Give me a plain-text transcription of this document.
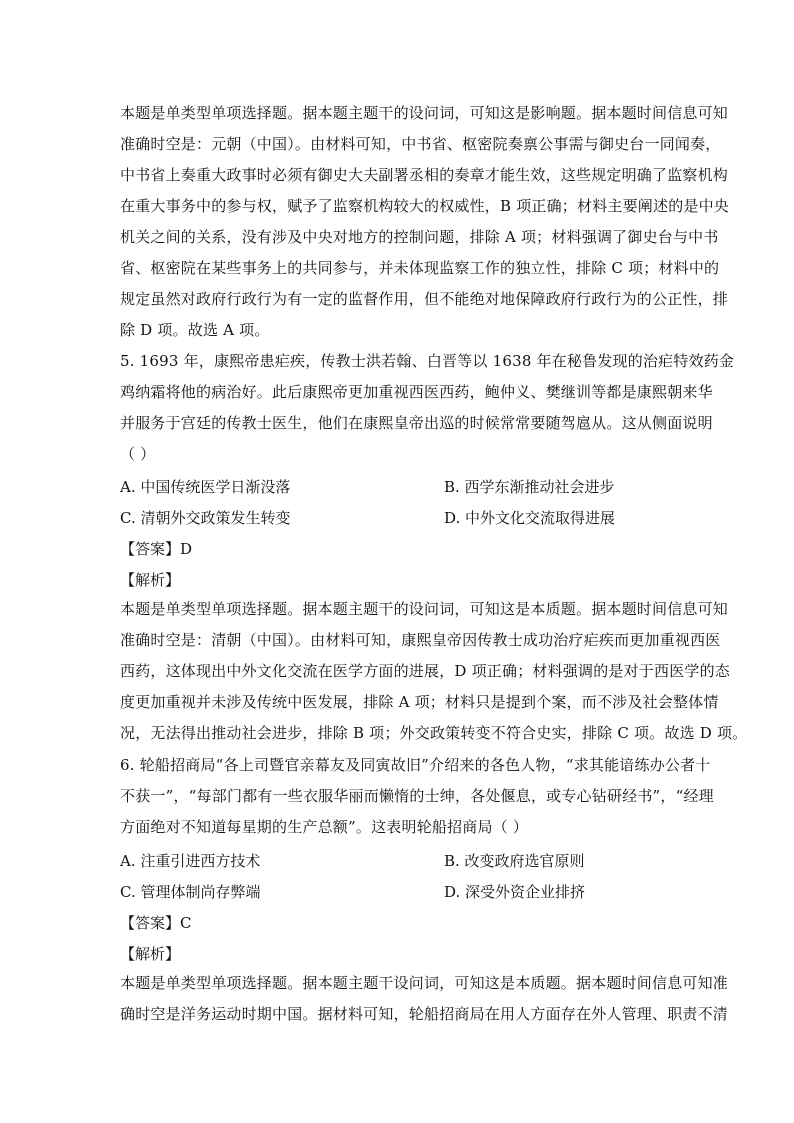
本题是单类型单项选择题。据本题主题干的设问词，可知这是影响题。据本题时间信息可知
准确时空是：元朝（中国）。由材料可知，中书省、枢密院奏禀公事需与御史台一同闻奏，
中书省上奏重大政事时必须有御史大夫副署丞相的奏章才能生效，这些规定明确了监察机构
在重大事务中的参与权，赋予了监察机构较大的权威性，B 项正确；材料主要阐述的是中央
机关之间的关系，没有涉及中央对地方的控制问题，排除 A 项；材料强调了御史台与中书
省、枢密院在某些事务上的共同参与，并未体现监察工作的独立性，排除 C 项；材料中的
规定虽然对政府行政行为有一定的监督作用，但不能绝对地保障政府行政行为的公正性，排
除 D 项。故选 A 项。
5. 1693 年，康熙帝患疟疾，传教士洪若翰、白晋等以 1638 年在秘鲁发现的治疟特效药金
鸡纳霜将他的病治好。此后康熙帝更加重视西医西药，鲍仲义、樊继训等都是康熙朝来华
并服务于宫廷的传教士医生，他们在康熙皇帝出巡的时候常常要随驾扈从。这从侧面说明
（ ）
A. 中国传统医学日渐没落	B. 西学东渐推动社会进步
C. 清朝外交政策发生转变	D. 中外文化交流取得进展
【答案】D
【解析】
本题是单类型单项选择题。据本题主题干的设问词，可知这是本质题。据本题时间信息可知
准确时空是：清朝（中国）。由材料可知，康熙皇帝因传教士成功治疗疟疾而更加重视西医
西药，这体现出中外文化交流在医学方面的进展，D 项正确；材料强调的是对于西医学的态
度更加重视并未涉及传统中医发展，排除 A 项；材料只是提到个案，而不涉及社会整体情
况，无法得出推动社会进步，排除 B 项；外交政策转变不符合史实，排除 C 项。故选 D 项。
6. 轮船招商局“各上司暨官亲幕友及同寅故旧”介绍来的各色人物，“求其能谙练办公者十
不获一”，“每部门都有一些衣服华丽而懒惰的士绅，各处偃息，或专心钻研经书”，“经理
方面绝对不知道每星期的生产总额”。这表明轮船招商局（ ）
A. 注重引进西方技术	B. 改变政府选官原则
C. 管理体制尚存弊端	D. 深受外资企业排挤
【答案】C
【解析】
本题是单类型单项选择题。据本题主题干设问词，可知这是本质题。据本题时间信息可知准
确时空是洋务运动时期中国。据材料可知，轮船招商局在用人方面存在外人管理、职责不清
